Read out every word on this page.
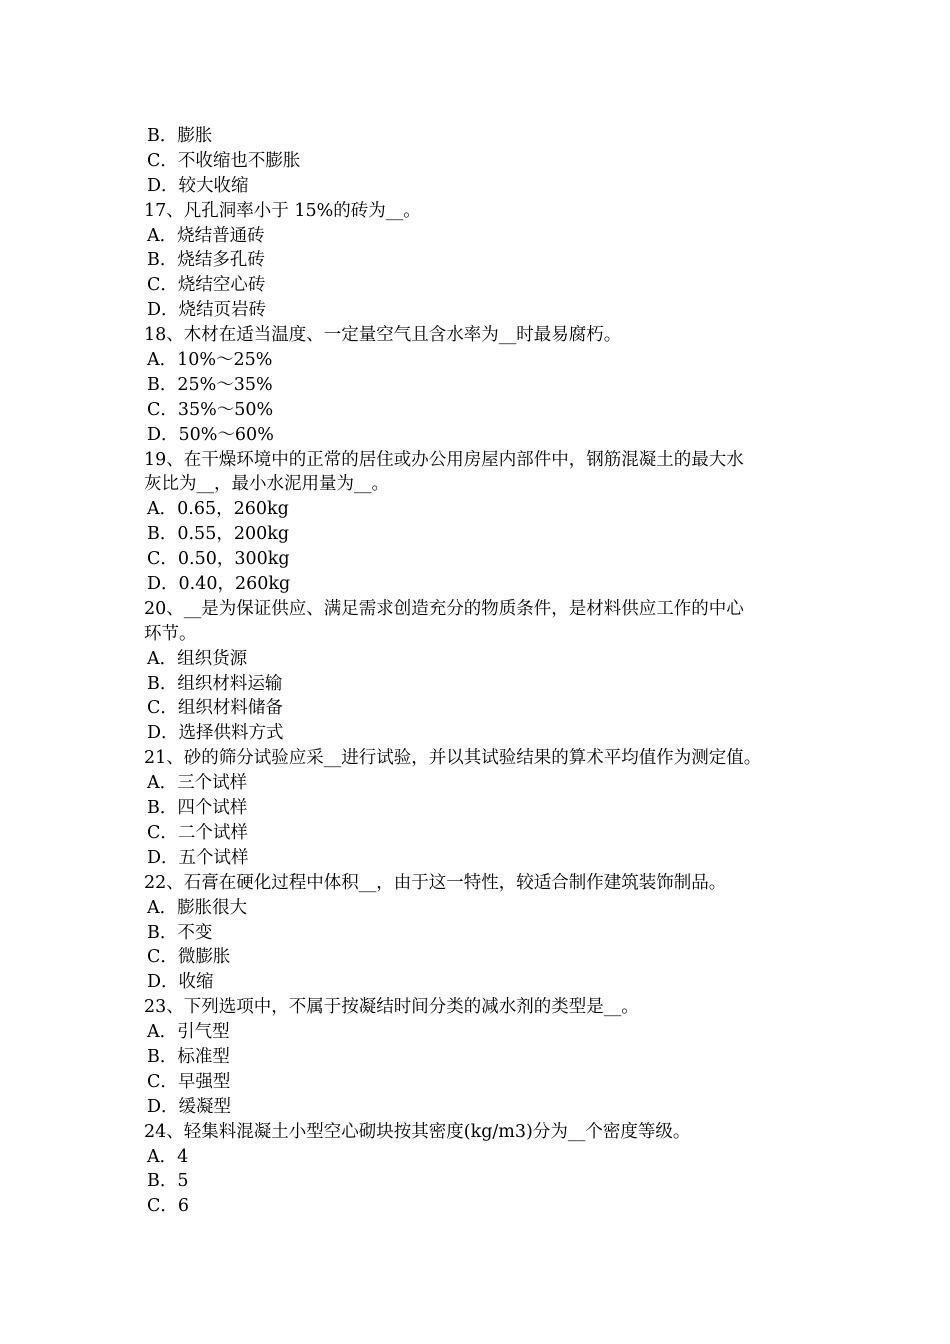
B．膨胀
C．不收缩也不膨胀
D．较大收缩
17、凡孔洞率小于 15%的砖为__。
A．烧结普通砖
B．烧结多孔砖
C．烧结空心砖
D．烧结页岩砖
18、木材在适当温度、一定量空气且含水率为__时最易腐朽。
A．10%～25%
B．25%～35%
C．35%～50%
D．50%～60%
19、在干燥环境中的正常的居住或办公用房屋内部件中，钢筋混凝土的最大水
灰比为__，最小水泥用量为__。
A．0.65，260kg
B．0.55，200kg
C．0.50，300kg
D．0.40，260kg
20、__是为保证供应、满足需求创造充分的物质条件，是材料供应工作的中心
环节。
A．组织货源
B．组织材料运输
C．组织材料储备
D．选择供料方式
21、砂的筛分试验应采__进行试验，并以其试验结果的算术平均值作为测定值。
A．三个试样
B．四个试样
C．二个试样
D．五个试样
22、石膏在硬化过程中体积__，由于这一特性，较适合制作建筑装饰制品。
A．膨胀很大
B．不变
C．微膨胀
D．收缩
23、下列选项中，不属于按凝结时间分类的减水剂的类型是__。
A．引气型
B．标准型
C．早强型
D．缓凝型
24、轻集料混凝土小型空心砌块按其密度(kg/m3)分为__个密度等级。
A．4
B．5
C．6
